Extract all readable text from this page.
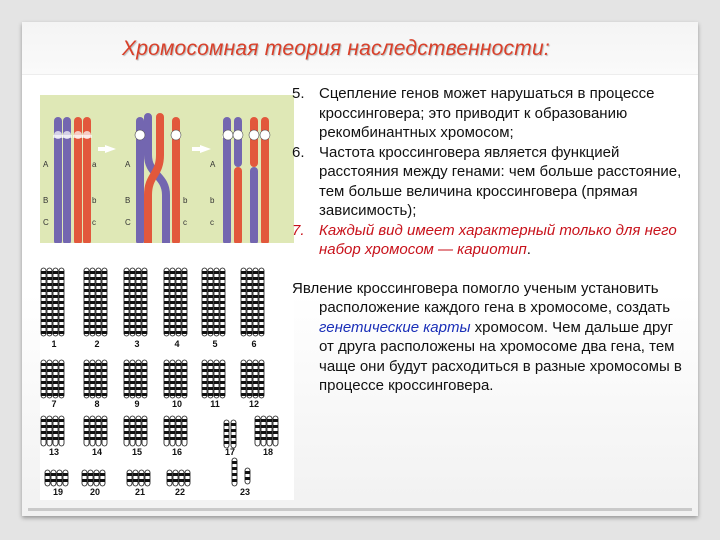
Хромосомная теория наследственности:
A
B
C
a
b
c
A
B
C
b
c
A
b
c
1	2	3	4	5	6
7	8	9	10	11	12
13	14	15	16	17	18
19	20	21	22	23
5. Сцепление генов может нарушаться в процессе кроссинговера; это приводит к образованию рекомбинантных хромосом;
6. Частота кроссинговера является функцией расстояния между генами: чем больше расстояние, тем больше величина кроссинговера (прямая зависимость);
7. Каждый вид имеет характерный только для него набор хромосом — кариотип.

Явление кроссинговера помогло ученым установить расположение каждого гена в хромосоме, создать генетические карты хромосом. Чем дальше друг от друга расположены на хромосоме два гена, тем чаще они будут расходиться в разные хромосомы в процессе кроссинговера.
